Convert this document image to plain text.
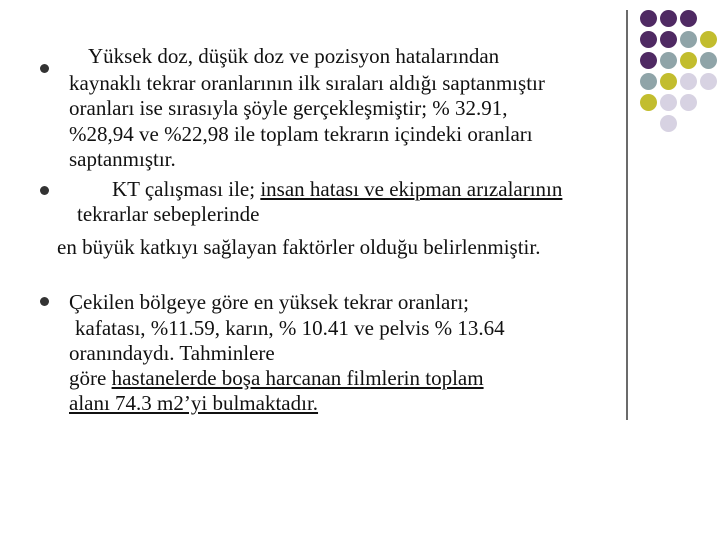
Yüksek doz, düşük doz ve pozisyon hatalarından
kaynaklı tekrar oranlarının ilk sıraları aldığı saptanmıştır
oranları ise sırasıyla şöyle gerçekleşmiştir; % 32.91,
%28,94 ve %22,98 ile toplam tekrarın içindeki oranları
saptanmıştır.
KT çalışması ile; insan hatası ve ekipman arızalarının
tekrarlar sebeplerinde
en büyük katkıyı sağlayan faktörler olduğu belirlenmiştir.
Çekilen bölgeye göre en yüksek tekrar oranları;
kafatası, %11.59, karın, % 10.41 ve pelvis % 13.64
oranındaydı. Tahminlere
göre hastanelerde boşa harcanan filmlerin toplam
alanı 74.3 m2’yi bulmaktadır.
